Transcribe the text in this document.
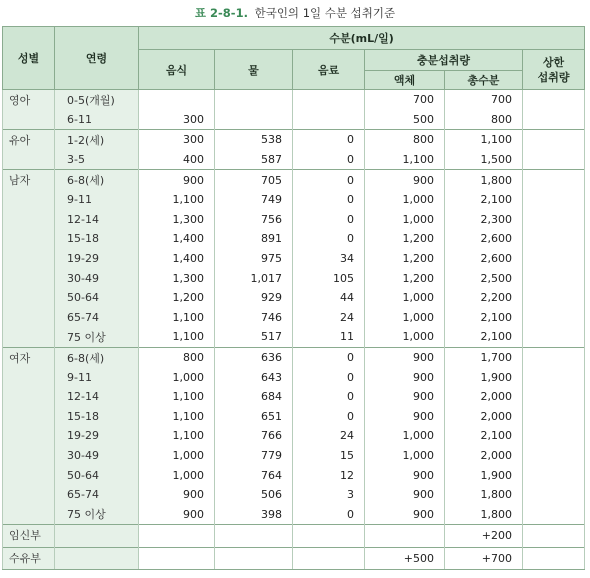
표 2-8-1. 한국인의 1일 수분 섭취기준
성별	연령	수분(mL/일)					
		음식	물	음료	충분섭취량		상한
섭취량
					액체	총수분	
영아	0-5(개월)				700	700	
	6-11	300			500	800	
유아	1-2(세)	300	538	0	800	1,100	
	3-5	400	587	0	1,100	1,500	
남자	6-8(세)	900	705	0	900	1,800	
	9-11	1,100	749	0	1,000	2,100	
	12-14	1,300	756	0	1,000	2,300	
	15-18	1,400	891	0	1,200	2,600	
	19-29	1,400	975	34	1,200	2,600	
	30-49	1,300	1,017	105	1,200	2,500	
	50-64	1,200	929	44	1,000	2,200	
	65-74	1,100	746	24	1,000	2,100	
	75 이상	1,100	517	11	1,000	2,100	
여자	6-8(세)	800	636	0	900	1,700	
	9-11	1,000	643	0	900	1,900	
	12-14	1,100	684	0	900	2,000	
	15-18	1,100	651	0	900	2,000	
	19-29	1,100	766	24	1,000	2,100	
	30-49	1,000	779	15	1,000	2,000	
	50-64	1,000	764	12	900	1,900	
	65-74	900	506	3	900	1,800	
	75 이상	900	398	0	900	1,800	
임신부						+200	
수유부					+500	+700	
